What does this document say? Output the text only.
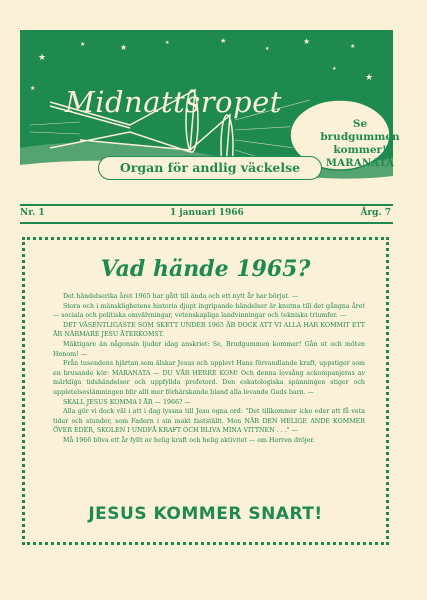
★
★	★	★	★
★
★
★
★
★
★
Midnattsropet
Se
brudgummen
kommer!
MARANATA
Organ för andlig väckelse
Nr. 1	1 januari 1966	Årg. 7
Vad hände 1965?

Det händelserika året 1965 har gått till ända och ett nytt år har börjat. —

Stora och i mänsklighetens historia djupt ingripande händelser är knutna till det gångna året — sociala och politiska omvälvningar, vetenskapliga landvinningar och tekniska triumfer. —

DET VÄSENTLIGASTE SOM SKETT UNDER 1965 ÄR DOCK ATT VI ALLA HAR KOMMIT ETT ÅR NÄRMARE JESU ÅTERKOMST.

Mäktigare än någonsin ljuder idag anskriet: Se, Brudgummen kommer! Gån ut och möten Honom! —

Från tusendens hjärtan som älskar Jesus och upplevt Hans förvandlande kraft, uppstiger som en brusande kör: MARANATA — DU VÅR HERRE KOM! Och denna lovsång ackompanjeras av märkliga tidshändelser och uppfyllda profetord. Den eskatologiska spänningen stiger och uppletelsestämningen blir allt mer förhärskande bland alla levande Guds barn. —

SKALL JESUS KOMMA I ÅR — 1966? —

Alla gör vi dock väl i att i dag lyssna till Jesu egna ord: "Det tillkommer icke eder att få veta tider och stunder, som Fadern i sin makt fastställt. Men NÄR DEN HELIGE ANDE KOMMER ÖVER EDER, SKOLEN I UNDFÅ KRAFT OCH BLIVA MINA VITTNEN . . ." —

Må 1966 bliva ett år fyllt av helig kraft och helig aktivitet — om Herren dröjer.

JESUS KOMMER SNART!
